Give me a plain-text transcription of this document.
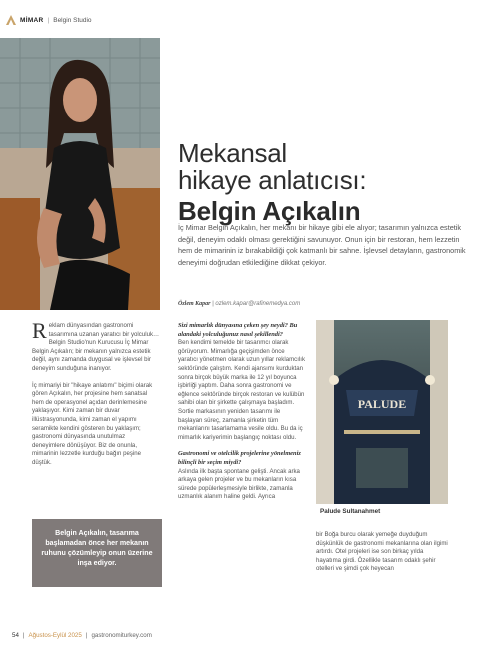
MİMAR | Belgin Studio
Mekansal
hikaye anlatıcısı:
Belgin Açıkalın
İç Mimar Belgin Açıkalın, her mekanı bir hikaye gibi ele alıyor; tasarımın yalnızca estetik değil, deneyim odaklı olması gerektiğini savunuyor. Onun için bir restoran, hem lezzetin hem de mimarinin iz bırakabildiği çok katmanlı bir sahne. İşlevsel detayların, gastronomik deneyimi doğrudan etkilediğine dikkat çekiyor.
Özlem Kapar | ozlem.kapar@rafinemedya.com

R eklam dünyasından gastronomi tasarımına uzanan yaratıcı bir yolculuk… Belgin Studio'nun Kurucusu İç Mimar Belgin Açıkalın; bir mekanın yalnızca estetik değil, aynı zamanda duygusal ve işlevsel bir deneyim sunduğuna inanıyor.

İç mimariyi bir "hikaye anlatımı" biçimi olarak gören Açıkalın, her projesine hem sanatsal hem de operasyonel açıdan derinlemesine yaklaşıyor. Kimi zaman bir duvar illüstrasyonunda, kimi zaman el yapımı seramikte kendini gösteren bu yaklaşım; gastronomi dünyasında unutulmaz deneyimlere dönüşüyor. Biz de onunla, mimarinin lezzetle kurduğu bağın peşine düştük.

Belgin Açıkalın, tasarıma başlamadan önce her mekanın ruhunu çözümleyip onun üzerine inşa ediyor.
Sizi mimarlık dünyasına çeken şey neydi? Bu alandaki yolculuğunuz nasıl şekillendi?
Ben kendimi temelde bir tasarımcı olarak görüyorum. Mimarlığa geçişimden önce yaratıcı yönetmen olarak uzun yıllar reklamcılık sektöründe çalıştım. Kendi ajansımı kurduktan sonra birçok büyük marka ile 12 yıl boyunca işbirliği yaptım. Daha sonra gastronomi ve eğlence sektöründe birçok restoran ve kulübün sahibi olan bir şirkette çalışmaya başladım. Sortie markasının yeniden tasarımı ile başlayan süreç, zamanla şirketin tüm mekanlarını tasarlamama vesile oldu. Bu da iç mimarlık kariyerimin başlangıç noktası oldu.
Gastronomi ve otelcilik projelerine yönelmeniz bilinçli bir seçim miydi?
Aslında ilk başta spontane gelişti. Ancak arka arkaya gelen projeler ve bu mekanların kısa sürede popülerleşmesiyle birlikte, zamanla uzmanlık alanım haline geldi. Ayrıca
PALUDE
Palude Sultanahmet
bir Boğa burcu olarak yemeğe duyduğum düşkünlük de gastronomi mekanlarına olan ilgimi artırdı. Otel projeleri ise son birkaç yılda hayatıma girdi. Özellikle tasarım odaklı şehir otelleri ve şimdi çok heyecan
54 | Ağustos-Eylül 2025 | gastronomiturkey.com
